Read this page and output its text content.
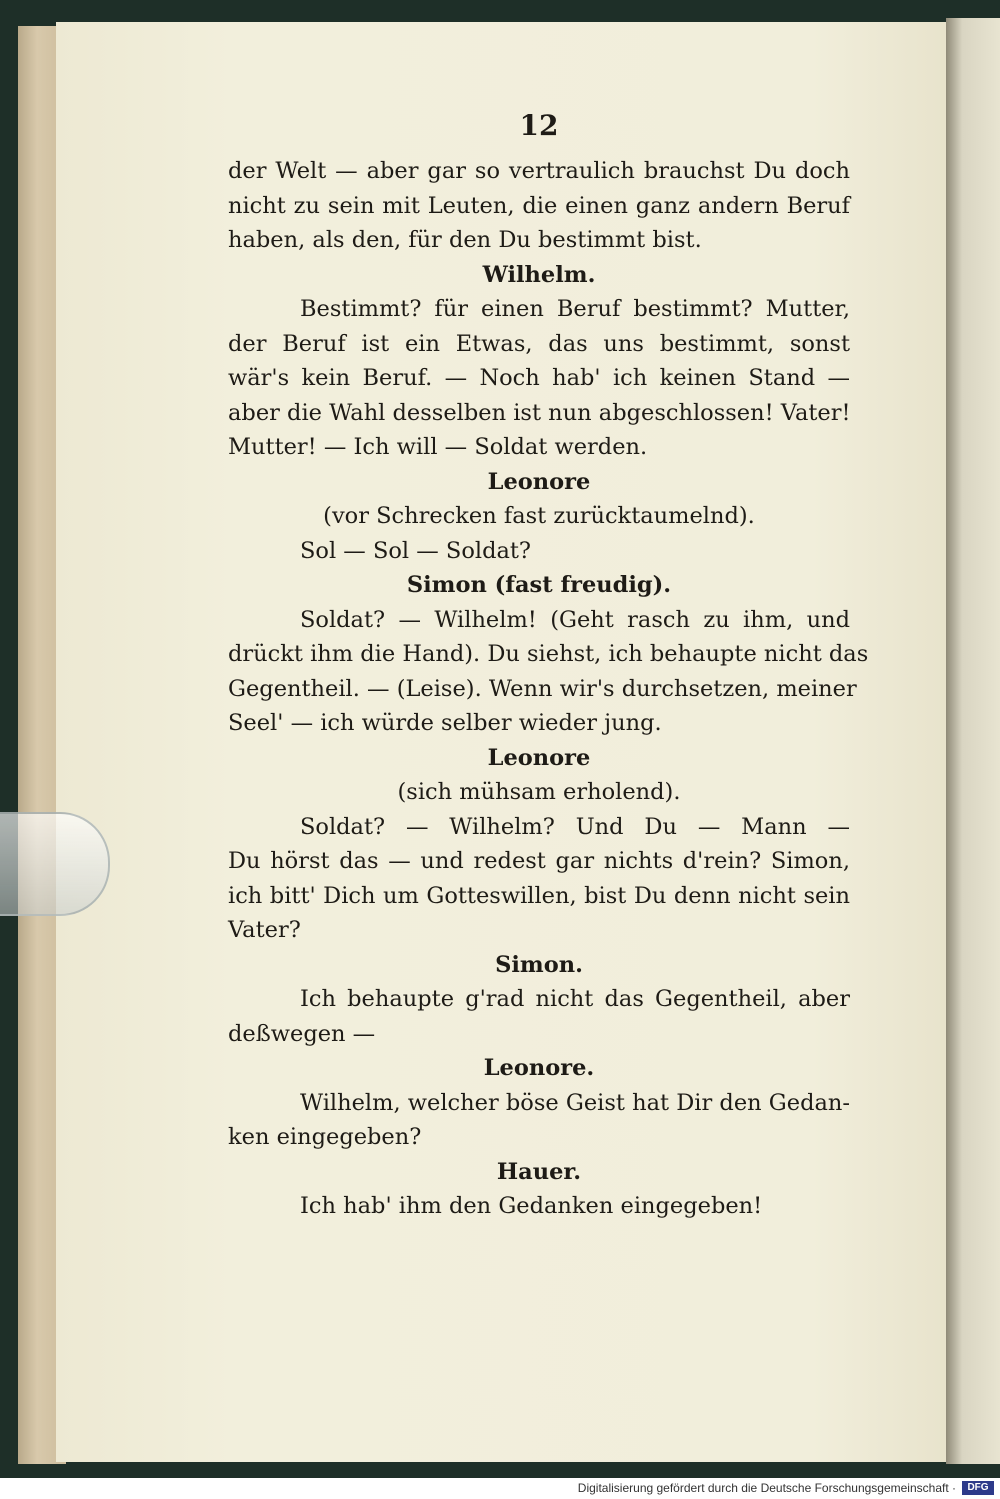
12
der Welt — aber gar so vertraulich brauchst Du doch
nicht zu sein mit Leuten, die einen ganz andern Beruf
haben, als den, für den Du bestimmt bist.
Wilhelm.
Bestimmt? für einen Beruf bestimmt? Mutter,
der Beruf ist ein Etwas, das uns bestimmt, sonst
wär's kein Beruf. — Noch hab' ich keinen Stand —
aber die Wahl desselben ist nun abgeschlossen! Vater!
Mutter! — Ich will — Soldat werden.
Leonore
(vor Schrecken fast zurücktaumelnd).
Sol — Sol — Soldat?
Simon (fast freudig).
Soldat? — Wilhelm! (Geht rasch zu ihm, und
drückt ihm die Hand). Du siehst, ich behaupte nicht das
Gegentheil. — (Leise). Wenn wir's durchsetzen, meiner
Seel' — ich würde selber wieder jung.
Leonore
(sich mühsam erholend).
Soldat? — Wilhelm? Und Du — Mann —
Du hörst das — und redest gar nichts d'rein? Simon,
ich bitt' Dich um Gotteswillen, bist Du denn nicht sein
Vater?
Simon.
Ich behaupte g'rad nicht das Gegentheil, aber
deßwegen —
Leonore.
Wilhelm, welcher böse Geist hat Dir den Gedan-
ken eingegeben?
Hauer.
Ich hab' ihm den Gedanken eingegeben!
Digitalisierung gefördert durch die Deutsche Forschungsgemeinschaft ·	DFG
